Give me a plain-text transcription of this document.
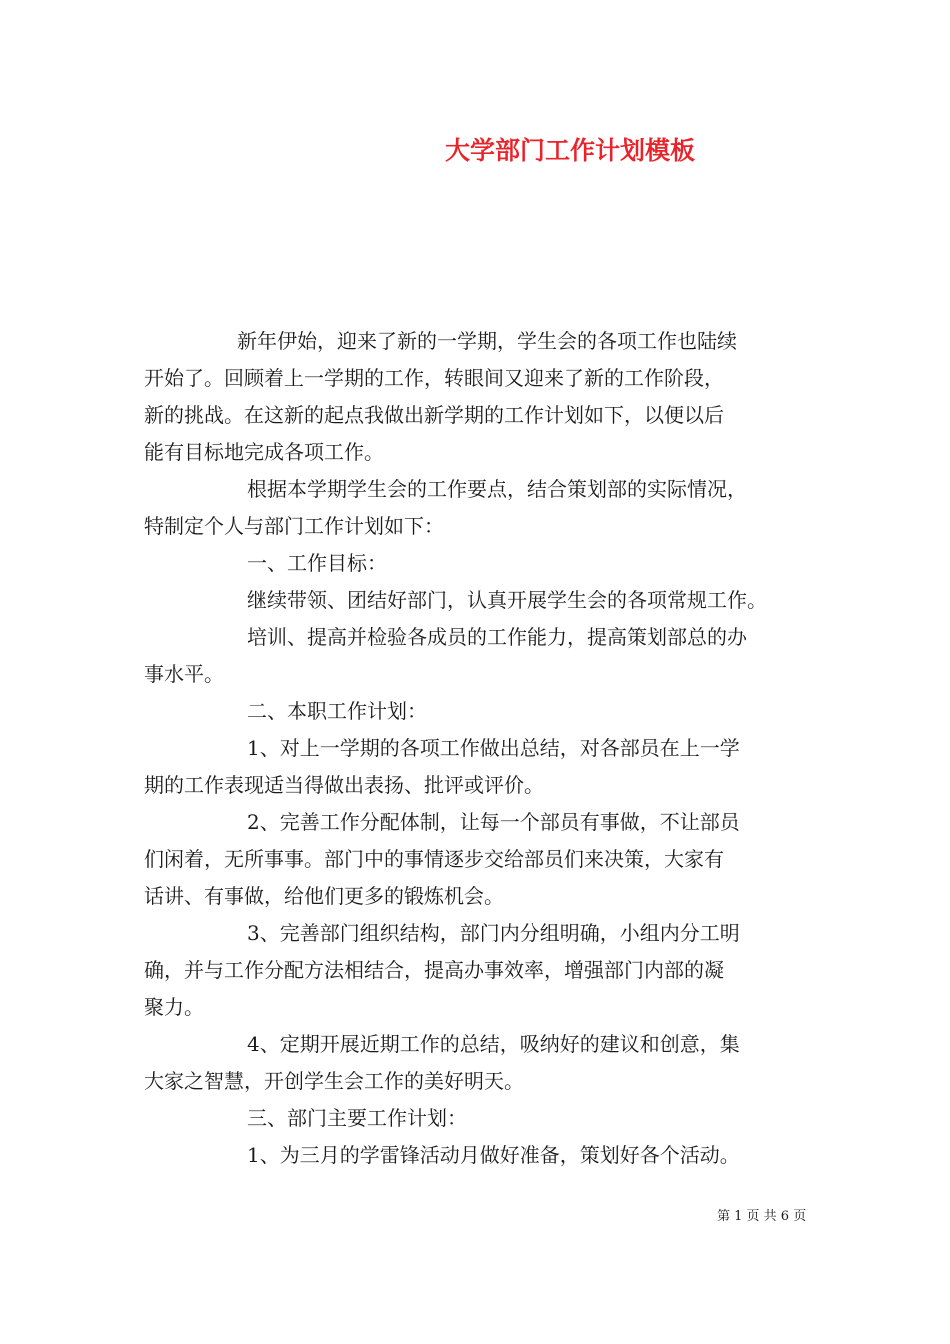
大学部门工作计划模板
新年伊始，迎来了新的一学期，学生会的各项工作也陆续
开始了。回顾着上一学期的工作，转眼间又迎来了新的工作阶段，
新的挑战。在这新的起点我做出新学期的工作计划如下，以便以后
能有目标地完成各项工作。
根据本学期学生会的工作要点，结合策划部的实际情况，
特制定个人与部门工作计划如下：
一、工作目标：
继续带领、团结好部门，认真开展学生会的各项常规工作。
培训、提高并检验各成员的工作能力，提高策划部总的办
事水平。
二、本职工作计划：
1、对上一学期的各项工作做出总结，对各部员在上一学
期的工作表现适当得做出表扬、批评或评价。
2、完善工作分配体制，让每一个部员有事做，不让部员
们闲着，无所事事。部门中的事情逐步交给部员们来决策，大家有
话讲、有事做，给他们更多的锻炼机会。
3、完善部门组织结构，部门内分组明确，小组内分工明
确，并与工作分配方法相结合，提高办事效率，增强部门内部的凝
聚力。
4、定期开展近期工作的总结，吸纳好的建议和创意，集
大家之智慧，开创学生会工作的美好明天。
三、部门主要工作计划：
1、为三月的学雷锋活动月做好准备，策划好各个活动。
第 1 页 共 6 页
